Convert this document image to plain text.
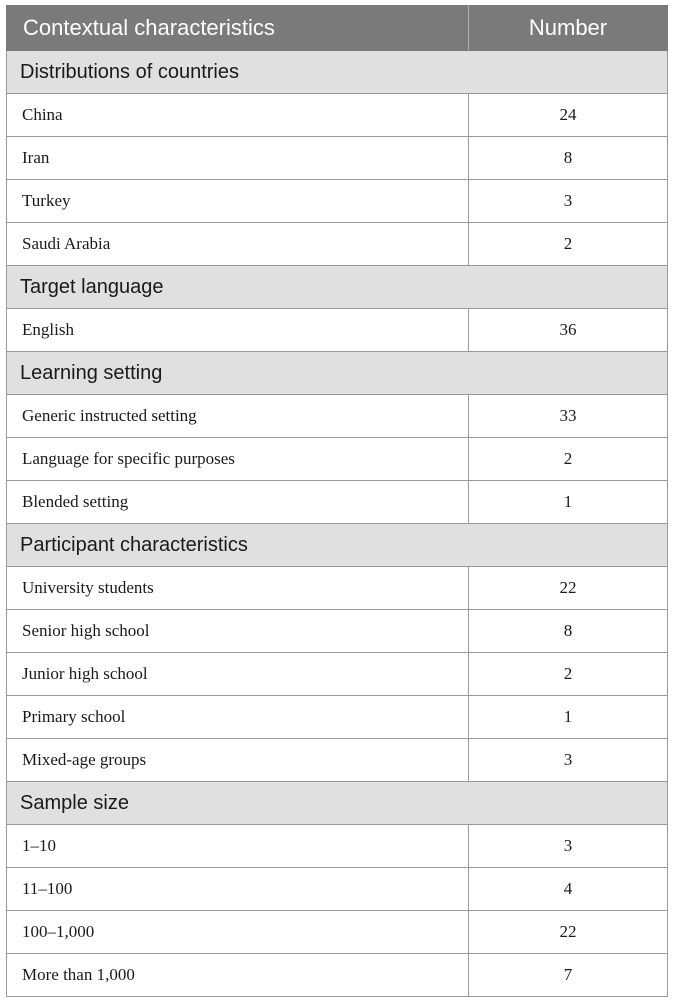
Contextual characteristics	Number
Distributions of countries	
China	24
Iran	8
Turkey	3
Saudi Arabia	2
Target language	
English	36
Learning setting	
Generic instructed setting	33
Language for specific purposes	2
Blended setting	1
Participant characteristics	
University students	22
Senior high school	8
Junior high school	2
Primary school	1
Mixed-age groups	3
Sample size	
1–10	3
11–100	4
100–1,000	22
More than 1,000	7
